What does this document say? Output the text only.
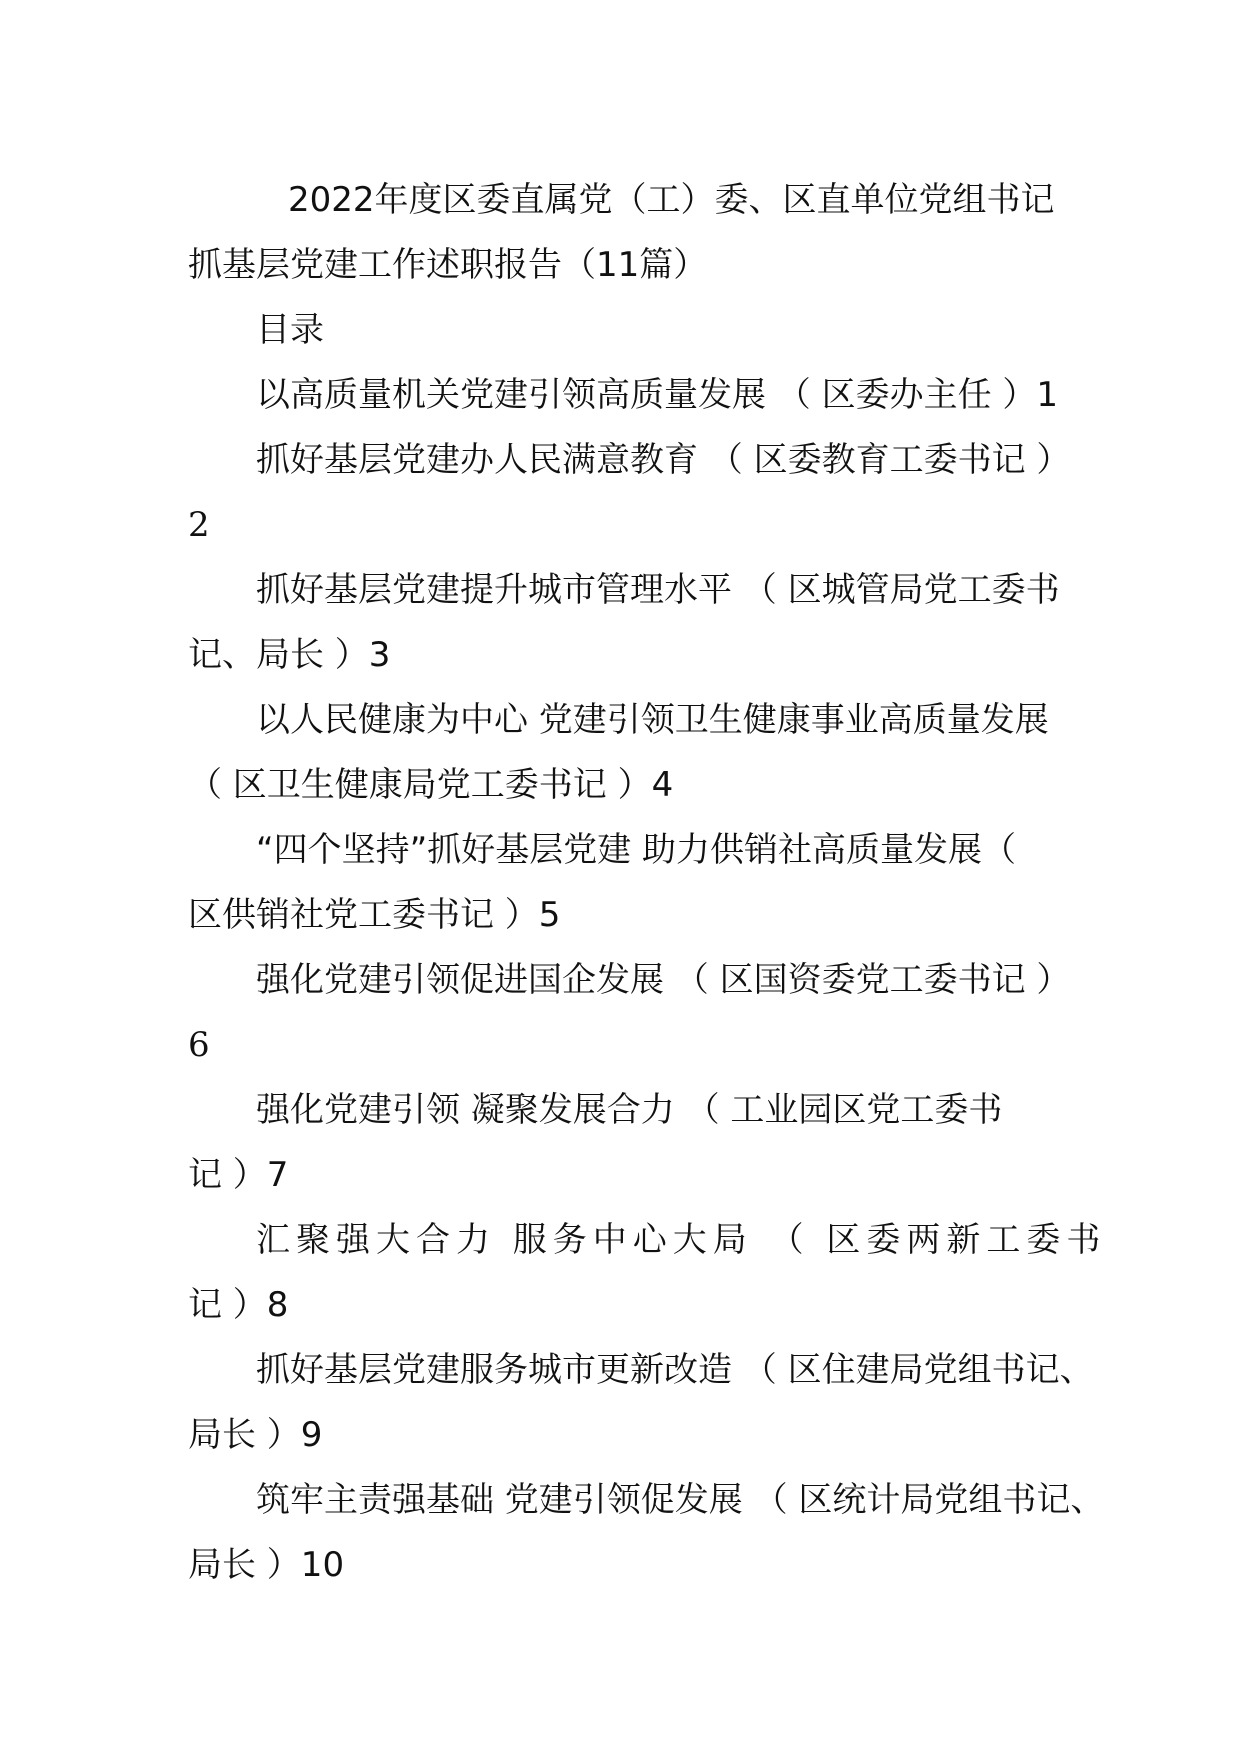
2022年度区委直属党（工）委、区直单位党组书记

抓基层党建工作述职报告（11篇）

目录

以高质量机关党建引领高质量发展 （ 区委办主任 ）1

抓好基层党建办人民满意教育 （ 区委教育工委书记 ）

2

抓好基层党建提升城市管理水平 （ 区城管局党工委书

记、局长 ）3

以人民健康为中心 党建引领卫生健康事业高质量发展

（ 区卫生健康局党工委书记 ）4

“四个坚持”抓好基层党建 助力供销社高质量发展（

区供销社党工委书记 ）5

强化党建引领促进国企发展 （ 区国资委党工委书记 ）

6

强化党建引领 凝聚发展合力 （ 工业园区党工委书

记 ）7

汇聚强大合力 服务中心大局 （ 区委两新工委书

记 ）8

抓好基层党建服务城市更新改造 （ 区住建局党组书记、

局长 ）9

筑牢主责强基础 党建引领促发展 （ 区统计局党组书记、

局长 ）10
